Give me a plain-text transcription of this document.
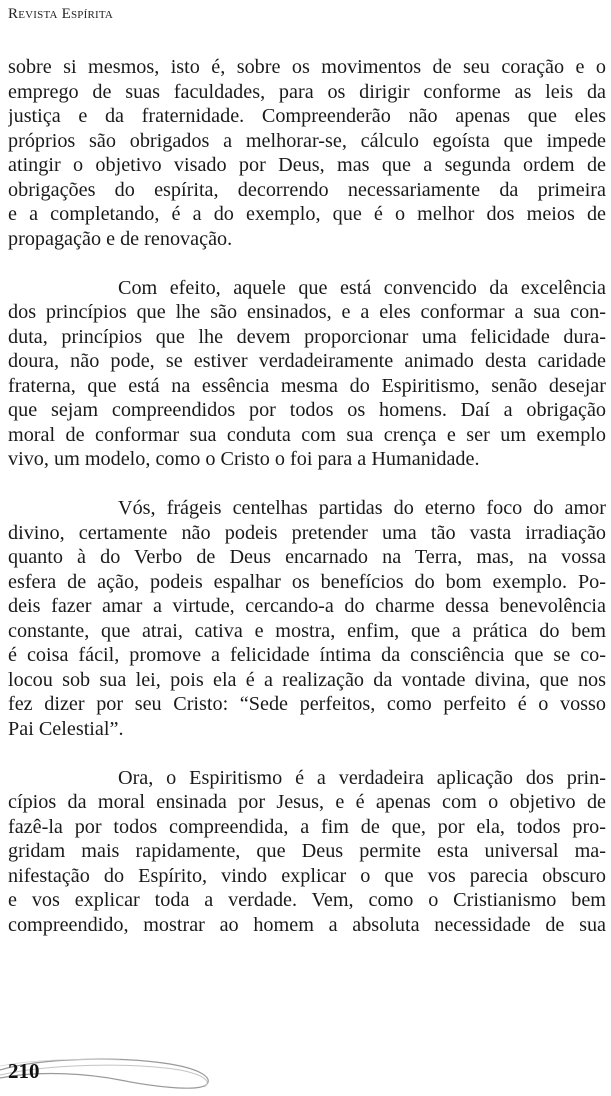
Revista Espírita
sobre si mesmos, isto é, sobre os movimentos de seu coração e o
emprego de suas faculdades, para os dirigir conforme as leis da
justiça e da fraternidade. Compreenderão não apenas que eles
próprios são obrigados a melhorar-se, cálculo egoísta que impede
atingir o objetivo visado por Deus, mas que a segunda ordem de
obrigações do espírita, decorrendo necessariamente da primeira
e a completando, é a do exemplo, que é o melhor dos meios de
propagação e de renovação.
Com efeito, aquele que está convencido da excelência
dos princípios que lhe são ensinados, e a eles conformar a sua con-
duta, princípios que lhe devem proporcionar uma felicidade dura-
doura, não pode, se estiver verdadeiramente animado desta caridade
fraterna, que está na essência mesma do Espiritismo, senão desejar
que sejam compreendidos por todos os homens. Daí a obrigação
moral de conformar sua conduta com sua crença e ser um exemplo
vivo, um modelo, como o Cristo o foi para a Humanidade.
Vós, frágeis centelhas partidas do eterno foco do amor
divino, certamente não podeis pretender uma tão vasta irradiação
quanto à do Verbo de Deus encarnado na Terra, mas, na vossa
esfera de ação, podeis espalhar os benefícios do bom exemplo. Po-
deis fazer amar a virtude, cercando-a do charme dessa benevolência
constante, que atrai, cativa e mostra, enfim, que a prática do bem
é coisa fácil, promove a felicidade íntima da consciência que se co-
locou sob sua lei, pois ela é a realização da vontade divina, que nos
fez dizer por seu Cristo: “Sede perfeitos, como perfeito é o vosso
Pai Celestial”.
Ora, o Espiritismo é a verdadeira aplicação dos prin-
cípios da moral ensinada por Jesus, e é apenas com o objetivo de
fazê-la por todos compreendida, a fim de que, por ela, todos pro-
gridam mais rapidamente, que Deus permite esta universal ma-
nifestação do Espírito, vindo explicar o que vos parecia obscuro
e vos explicar toda a verdade. Vem, como o Cristianismo bem
compreendido, mostrar ao homem a absoluta necessidade de sua
210
